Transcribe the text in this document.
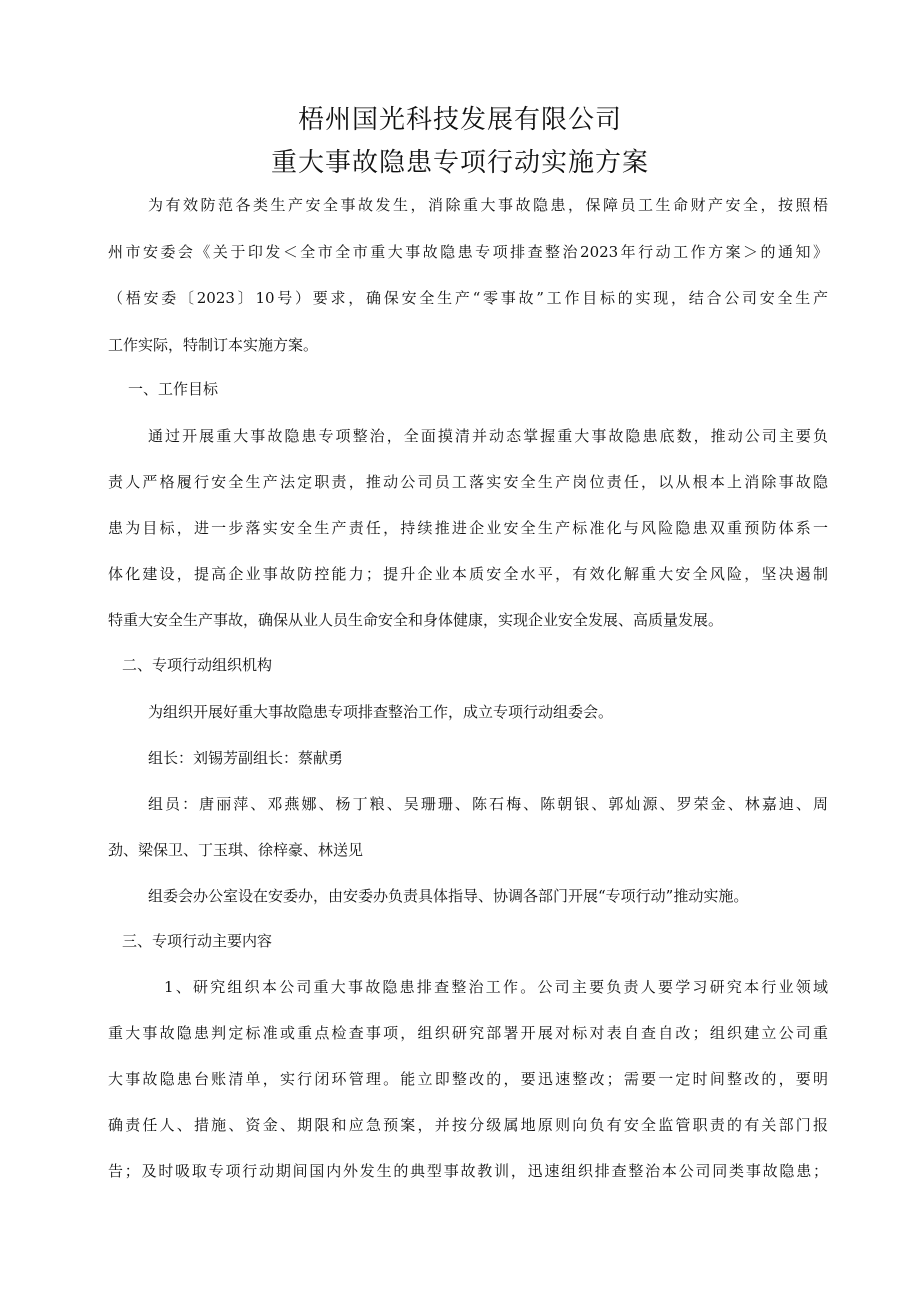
梧州国光科技发展有限公司
重大事故隐患专项行动实施方案
为有效防范各类生产安全事故发生，消除重大事故隐患，保障员工生命财产安全，按照梧
州市安委会《关于印发＜全市全市重大事故隐患专项排查整治2023年行动工作方案＞的通知》
（梧安委〔2023〕10号）要求，确保安全生产“零事故”工作目标的实现，结合公司安全生产
工作实际，特制订本实施方案。
一、工作目标
通过开展重大事故隐患专项整治，全面摸清并动态掌握重大事故隐患底数，推动公司主要负
责人严格履行安全生产法定职责，推动公司员工落实安全生产岗位责任，以从根本上消除事故隐
患为目标，进一步落实安全生产责任，持续推进企业安全生产标准化与风险隐患双重预防体系一
体化建设，提高企业事故防控能力；提升企业本质安全水平，有效化解重大安全风险，坚决遏制
特重大安全生产事故，确保从业人员生命安全和身体健康，实现企业安全发展、高质量发展。
二、专项行动组织机构
为组织开展好重大事故隐患专项排查整治工作，成立专项行动组委会。
组长：刘锡芳副组长：蔡献勇
组员：唐丽萍、邓燕娜、杨丁粮、吴珊珊、陈石梅、陈朝银、郭灿源、罗荣金、林嘉迪、周
劲、梁保卫、丁玉琪、徐梓豪、林送见
组委会办公室设在安委办，由安委办负责具体指导、协调各部门开展“专项行动”推动实施。
三、专项行动主要内容
1、研究组织本公司重大事故隐患排查整治工作。公司主要负责人要学习研究本行业领域
重大事故隐患判定标准或重点检查事项，组织研究部署开展对标对表自查自改；组织建立公司重
大事故隐患台账清单，实行闭环管理。能立即整改的，要迅速整改；需要一定时间整改的，要明
确责任人、措施、资金、期限和应急预案，并按分级属地原则向负有安全监管职责的有关部门报
告；及时吸取专项行动期间国内外发生的典型事故教训，迅速组织排查整治本公司同类事故隐患；
